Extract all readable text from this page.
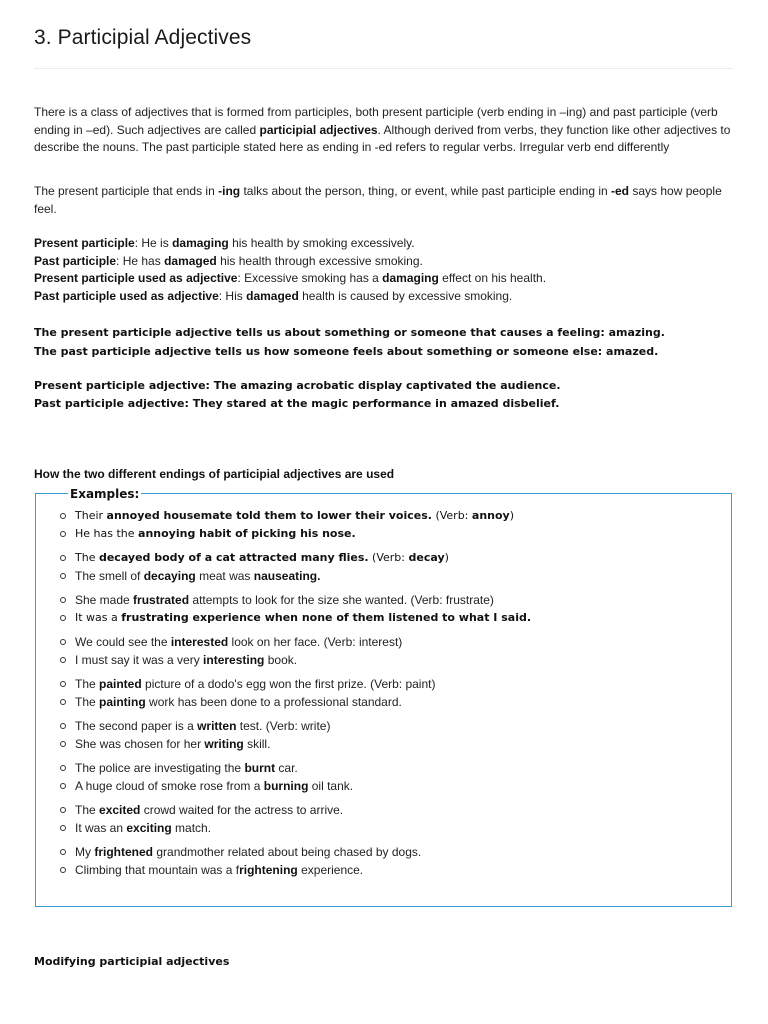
3. Participial Adjectives

There is a class of adjectives that is formed from participles, both present participle (verb ending in –ing) and past participle (verb ending in –ed). Such adjectives are called participial adjectives. Although derived from verbs, they function like other adjectives to describe the nouns. The past participle stated here as ending in -ed refers to regular verbs. Irregular verb end differently

The present participle that ends in -ing talks about the person, thing, or event, while past participle ending in -ed says how people feel.

Present participle: He is damaging his health by smoking excessively.
Past participle: He has damaged his health through excessive smoking.
Present participle used as adjective: Excessive smoking has a damaging effect on his health.
Past participle used as adjective: His damaged health is caused by excessive smoking.
The present participle adjective tells us about something or someone that causes a feeling: amazing.
The past participle adjective tells us how someone feels about something or someone else: amazed.
Present participle adjective: The amazing acrobatic display captivated the audience.
Past participle adjective: They stared at the magic performance in amazed disbelief.
How the two different endings of participial adjectives are used
Examples:
Their annoyed housemate told them to lower their voices. (Verb: annoy)
He has the annoying habit of picking his nose.
The decayed body of a cat attracted many flies. (Verb: decay)
The smell of decaying meat was nauseating.
She made frustrated attempts to look for the size she wanted. (Verb: frustrate)
It was a frustrating experience when none of them listened to what I said.
We could see the interested look on her face. (Verb: interest)
I must say it was a very interesting book.
The painted picture of a dodo's egg won the first prize. (Verb: paint)
The painting work has been done to a professional standard.
The second paper is a written test. (Verb: write)
She was chosen for her writing skill.
The police are investigating the burnt car.
A huge cloud of smoke rose from a burning oil tank.
The excited crowd waited for the actress to arrive.
It was an exciting match.
My frightened grandmother related about being chased by dogs.
Climbing that mountain was a frightening experience.
Modifying participial adjectives
